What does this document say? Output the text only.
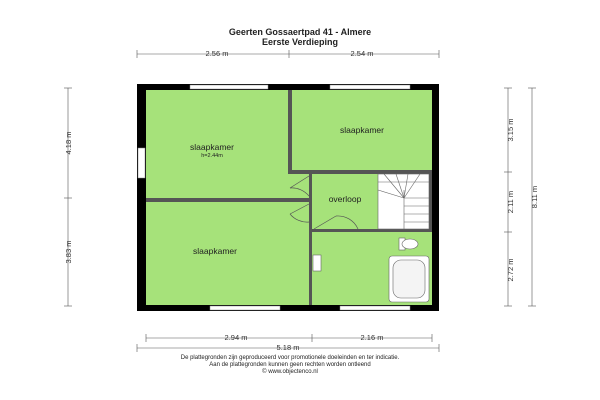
Geerten Gossaertpad 41 - Almere
Eerste Verdieping
2.56 m	2.54 m
4.18 m
3.83 m
3.15 m
2.11 m
2.72 m
8.11 m
2.94 m	2.16 m
5.18 m
slaapkamer
h=2.44m
slaapkamer
overloop
slaapkamer
De plattegronden zijn geproduceerd voor promotionele doeleinden en ter indicatie.
Aan de plattegronden kunnen geen rechten worden ontleend
© www.objectenco.nl
